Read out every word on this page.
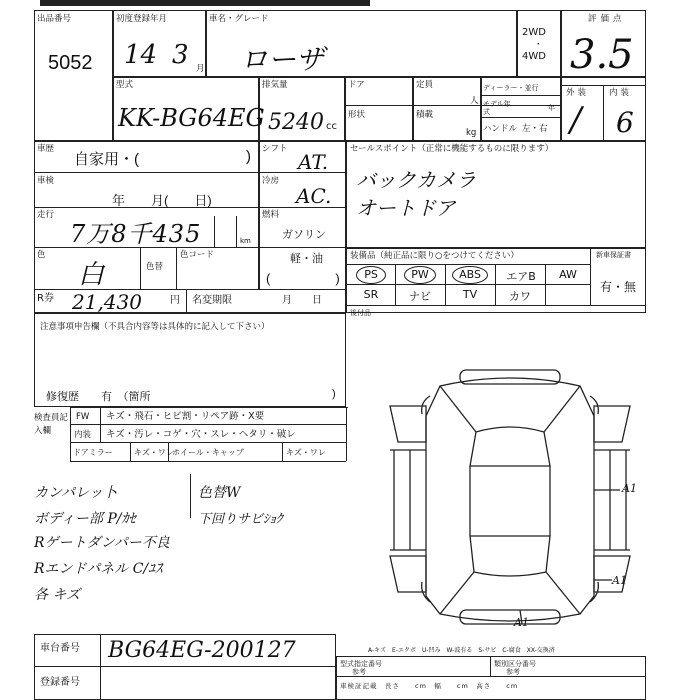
出品番号
5052
初度登録年月
14 3 月
車名・グレード
ローザ
2WD
・
4WD
評価点
3.5
型式
KK-BG64EG
排気量
5240 cc
ドア	定員
人
形状	積載
kg
ディーラー・並行
モデル年式	年
ハンドル 左・右
外装 内装
/ 6
車歴
自家用・(	) シフト
AT.
車検
年　　月(　　日)
冷房
AC.
走行
7万8千435	km
燃料
ガソリン
色
白	色替
色コード
(　　　　　)
軽・油
R券 21,430	円 名変期限	月　　日
セールスポイント（正常に機能するものに限ります）
バックカメラ
オートドア
装備品（純正品に限り○をつけてください）	新車保証書
有・無
PS	PW	ABS	エアB	AW
SR	ナビ	TV	カワ
後付品
注意事項申告欄（不具合内容等は具体的に記入して下さい）
修復歴　　有　（箇所	)
検査員記入欄
FW キズ・飛石・ヒビ割・リペア跡・X要
内装 キズ・汚レ・コゲ・穴・スレ・ヘタリ・破レ
ドアミラー	キズ・ワレ
ホイール・キャップ	キズ・ワレ
カンパレッ卜
ボディー部 P/ｶｾ
Rゲートダンパー不良
Rエンドパネル C/ﾕｽ
各 キズ
色替W
下回りサビｼｮｸ
A1
A1
A1
車台番号 BG64EG-200127
登録番号
A-キズ　E-エクボ　U-凹み　W-波有る　S-サビ　C-腐食　XX-交換済
型式指定番号
参考
類別区分番号
参考
車検証記載　長さ　　cm　幅　　cm　高さ　　cm
